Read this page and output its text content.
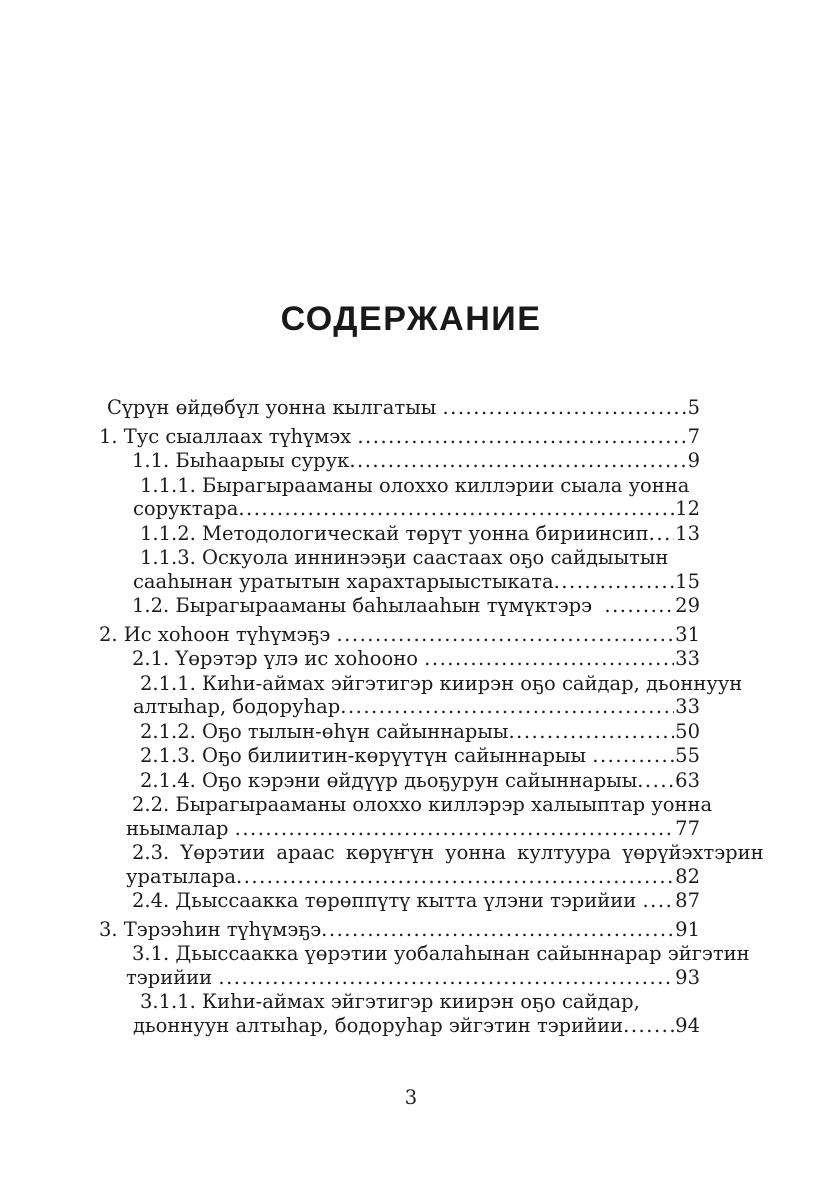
СОДЕРЖАНИЕ
Сүрүн өйдөбүл уонна кылгатыы .....	5
1. Тус сыаллаах түһүмэх .....	7
1.1. Быһаарыы сурук .....	9
1.1.1. Бырагырааманы олоххо киллэрии сыала уонна
соруктара .....	12
1.1.2. Методологическай төрүт уонна бириинсип ..... 13
1.1.3. Оскуола иннинээҕи саастаах оҕо сайдыытын
сааһынан уратытын харахтарыыстыката .....	15
1.2. Бырагырааманы баһылааһын түмүктэрэ .....	29
2. Ис хоһоон түһүмэҕэ .....	31
2.1. Үөрэтэр үлэ ис хоһооно .....	33
2.1.1. Киһи-аймах эйгэтигэр киирэн оҕо сайдар, дьоннуун
алтыһар, бодоруһар .....	33
2.1.2. Оҕо тылын-өһүн сайыннарыы .....	50
2.1.3. Оҕо билиитин-көрүүтүн сайыннарыы .....	55
2.1.4. Оҕо кэрэни өйдүүр дьоҕурун сайыннарыы ..... 63
2.2. Бырагырааманы олоххо киллэрэр халыыптар уонна
ньымалар .....	77
2.3. Үөрэтии араас көрүҥүн уонна култуура үөрүйэхтэрин
уратылара .....	82
2.4. Дьыссаакка төрөппүтү кытта үлэни тэрийии ..... 87
3. Тэрээһин түһүмэҕэ .....	91
3.1. Дьыссаакка үөрэтии уобалаһынан сайыннарар эйгэтин
тэрийии .....	93
3.1.1. Киһи-аймах эйгэтигэр киирэн оҕо сайдар,
дьоннуун алтыһар, бодоруһар эйгэтин тэрийии .....	94
3
